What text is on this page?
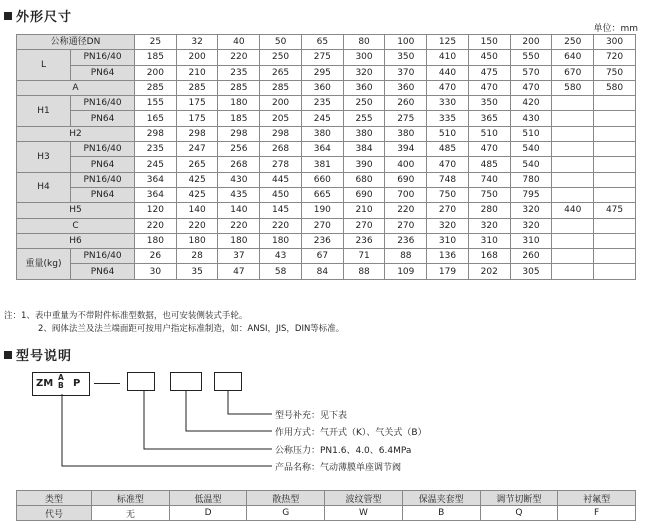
外形尺寸
单位：mm
公称通径DN		25	32	40	50	65	80	100	125	150	200	250	300
L	PN16/40	185	200	220	250	275	300	350	410	450	550	640	720
	PN64	200	210	235	265	295	320	370	440	475	570	670	750
A		285	285	285	285	360	360	360	470	470	470	580	580
H1	PN16/40	155	175	180	200	235	250	260	330	350	420		
	PN64	165	175	185	205	245	255	275	335	365	430		
H2		298	298	298	298	380	380	380	510	510	510		
H3	PN16/40	235	247	256	268	364	384	394	485	470	540		
	PN64	245	265	268	278	381	390	400	470	485	540		
H4	PN16/40	364	425	430	445	660	680	690	748	740	780		
	PN64	364	425	435	450	665	690	700	750	750	795		
H5		120	140	140	145	190	210	220	270	280	320	440	475
C		220	220	220	220	270	270	270	320	320	320		
H6		180	180	180	180	236	236	236	310	310	310		
重量(kg)	PN16/40	26	28	37	43	67	71	88	136	168	260		
	PN64	30	35	47	58	84	88	109	179	202	305		
注：1、表中重量为不带附件标准型数据，也可安装侧装式手轮。
2、阀体法兰及法兰端面距可按用户指定标准制造，如：ANSI，JIS，DIN等标准。
型号说明
ZM
A
B P
型号补充：见下表
作用方式：气开式（K）、气关式（B）
公称压力：PN1.6、4.0、6.4MPa
产品名称：气动薄膜单座调节阀
类型	标准型	低温型	散热型	波纹管型	保温夹套型	调节切断型	衬氟型
代号	无	D	G	W	B	Q	F
